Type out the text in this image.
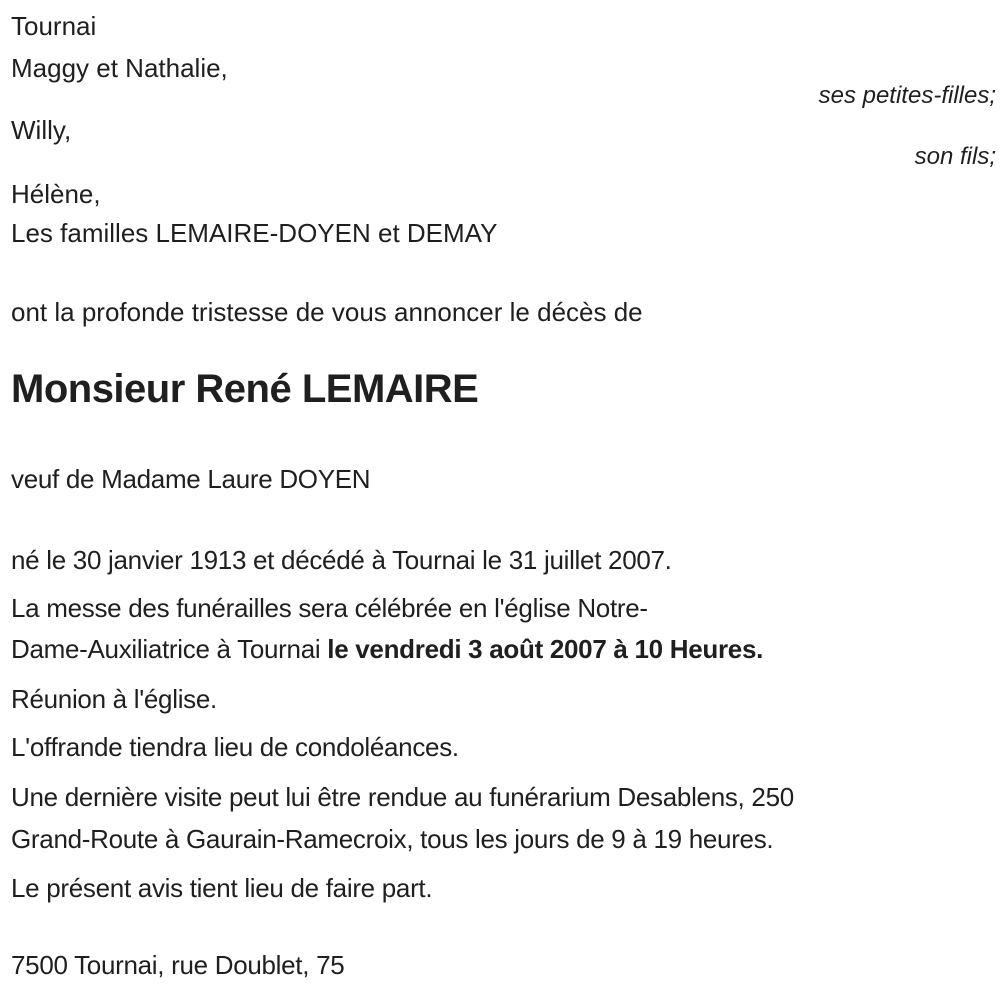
Tournai
Maggy et Nathalie,
ses petites-filles;
Willy,
son fils;
Hélène,
Les familles LEMAIRE-DOYEN et DEMAY
ont la profonde tristesse de vous annoncer le décès de
Monsieur René LEMAIRE
veuf de Madame Laure DOYEN
né le 30 janvier 1913 et décédé à Tournai le 31 juillet 2007.
La messe des funérailles sera célébrée en l'église Notre-
Dame-Auxiliatrice à Tournai le vendredi 3 août 2007 à 10 Heures.
Réunion à l'église.
L'offrande tiendra lieu de condoléances.
Une dernière visite peut lui être rendue au funérarium Desablens, 250
Grand-Route à Gaurain-Ramecroix, tous les jours de 9 à 19 heures.
Le présent avis tient lieu de faire part.
7500 Tournai, rue Doublet, 75
